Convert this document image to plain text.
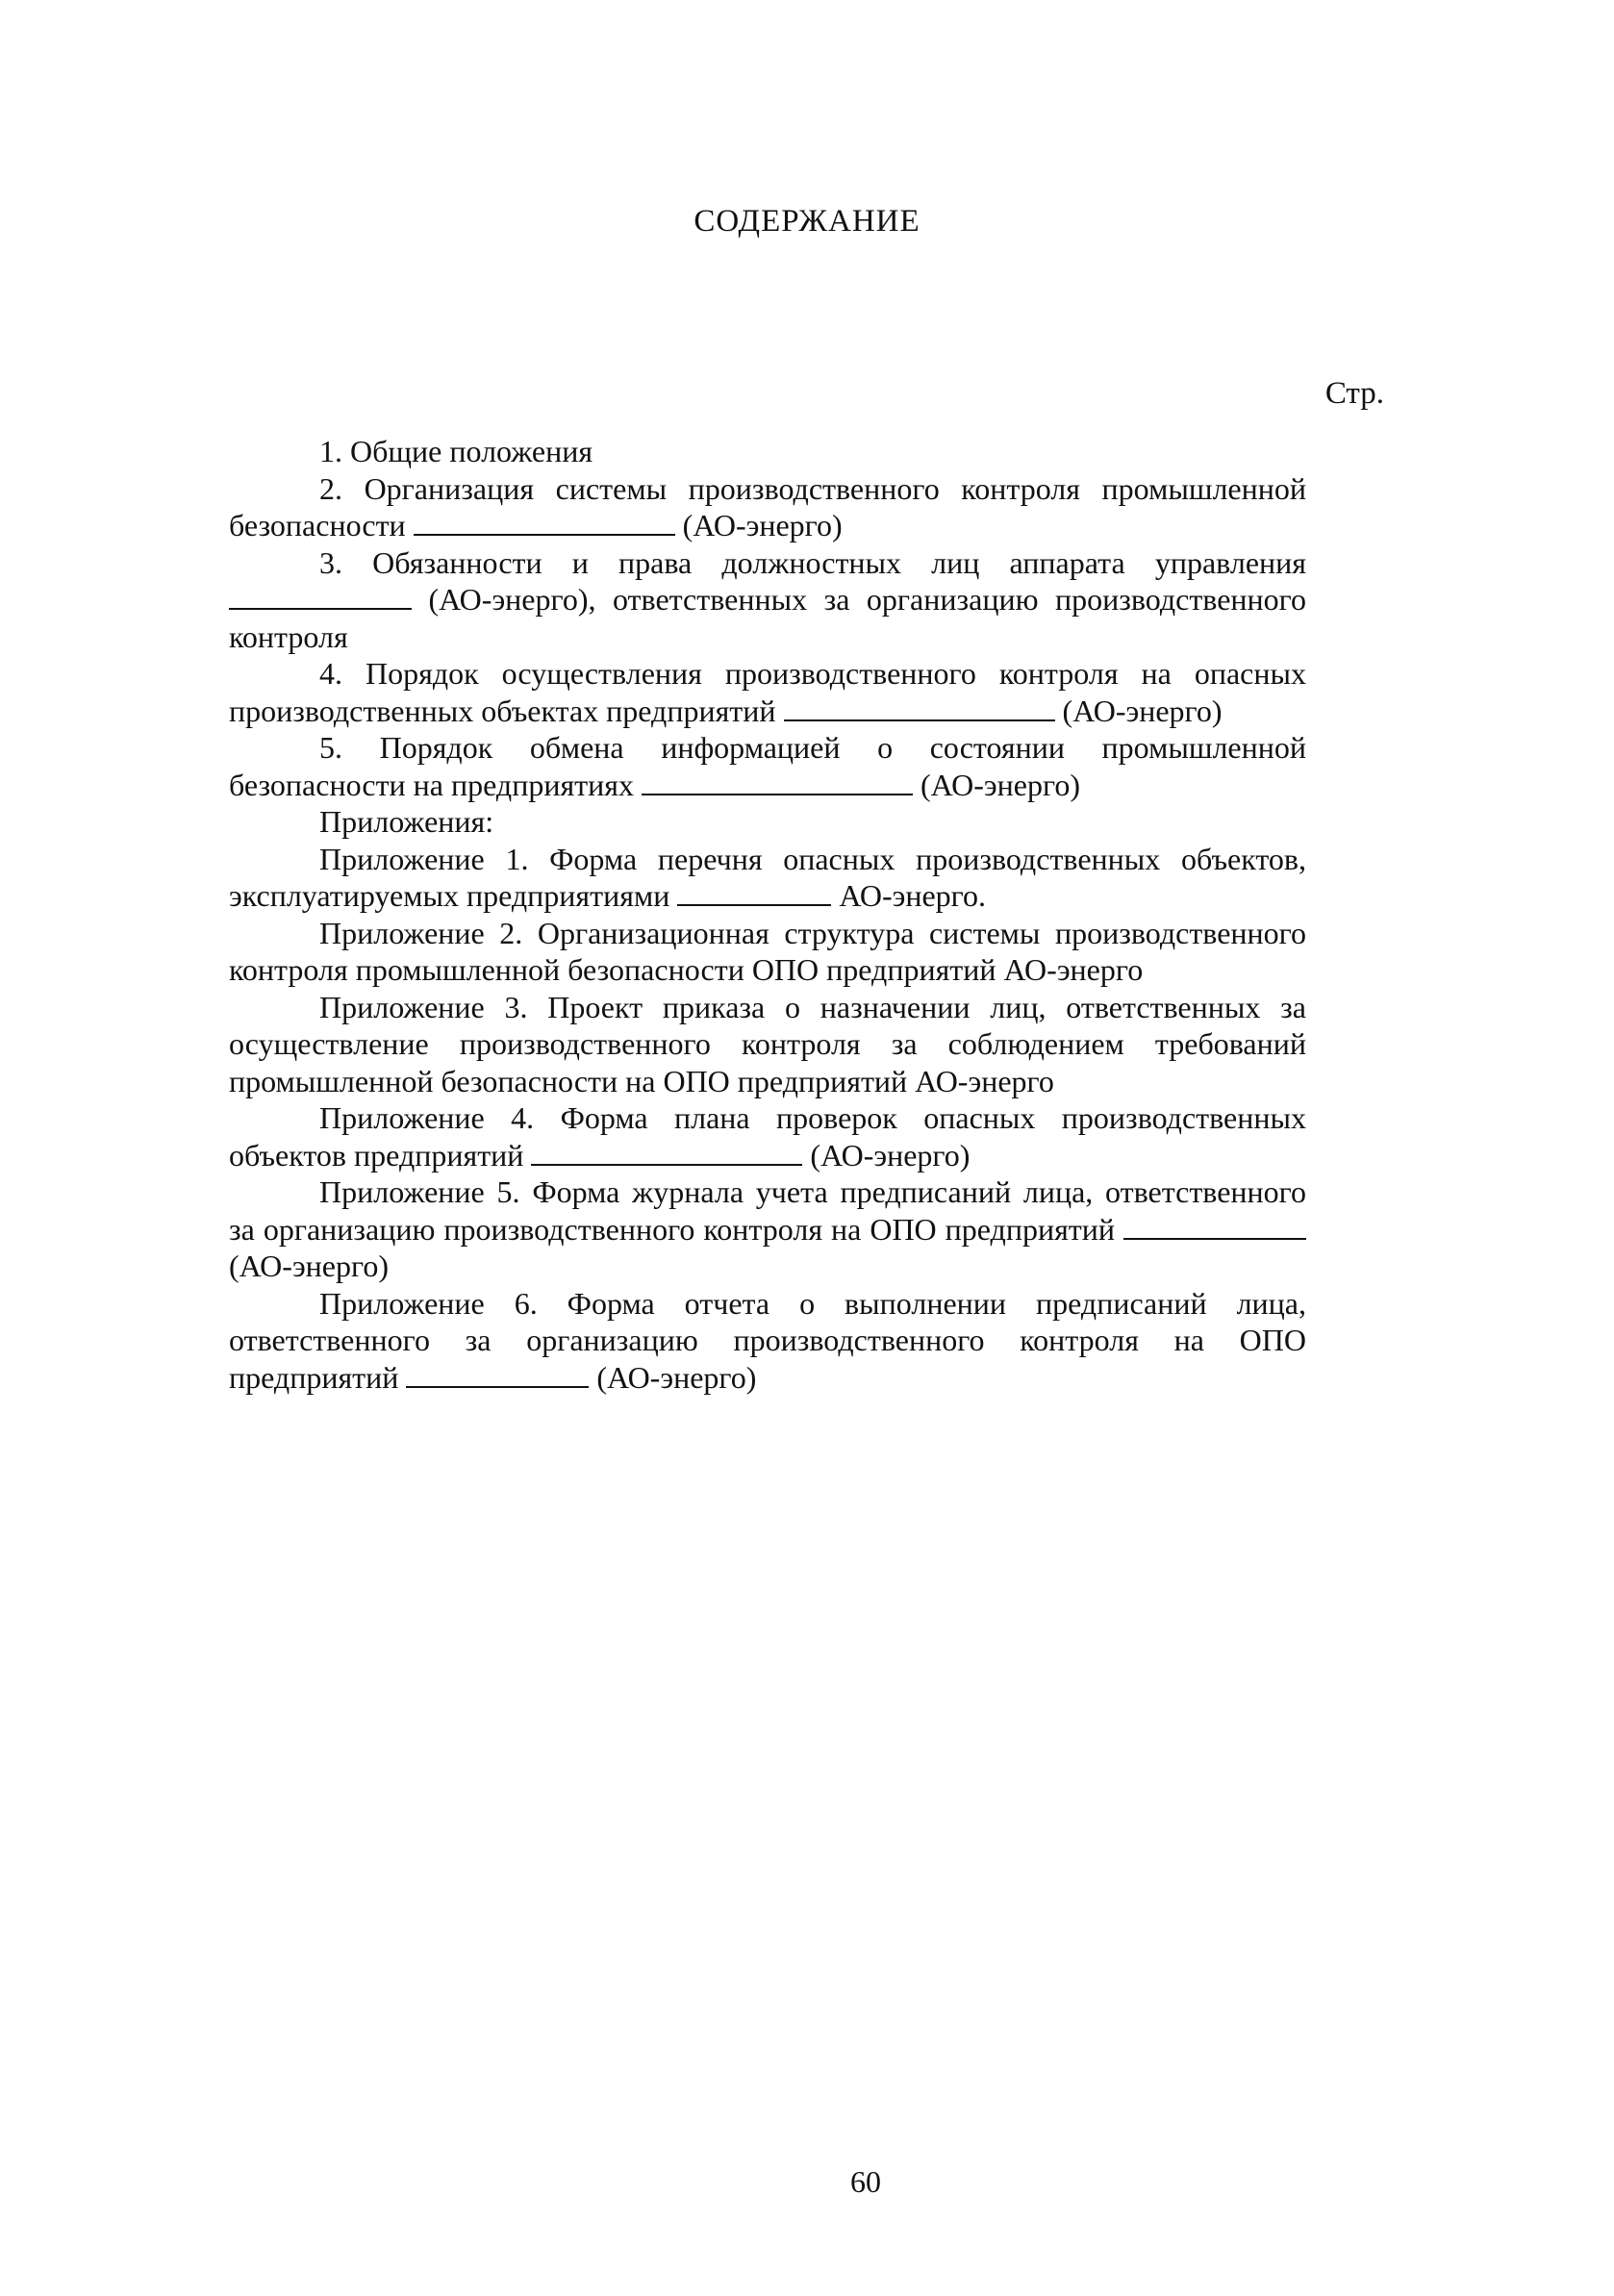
СОДЕРЖАНИЕ
Стр.

1. Общие положения

2. Организация системы производственного контроля промышленной безопасности	(АО-энерго)

3. Обязанности и права должностных лиц аппарата управления  (АО-энерго), ответственных за организацию производственного контроля

4. Порядок осуществления производственного контроля на опасных производственных объектах предприятий	(АО-энерго)

5. Порядок обмена информацией о состоянии промышленной безопасности на предприятиях	(АО-энерго)

Приложения:

Приложение 1. Форма перечня опасных производственных объектов, эксплуатируемых предприятиями	АО-энерго.

Приложение 2. Организационная структура системы производственного контроля промышленной безопасности ОПО предприятий АО-энерго

Приложение 3. Проект приказа о назначении лиц, ответственных за осуществление производственного контроля за соблюдением требований промышленной безопасности на ОПО предприятий АО-энерго

Приложение 4. Форма плана проверок опасных производственных объектов предприятий	(АО-энерго)

Приложение 5. Форма журнала учета предписаний лица, ответственного за организацию производственного контроля на ОПО предприятий  (АО-энерго)

Приложение 6. Форма отчета о выполнении предписаний лица, ответственного за организацию производственного контроля на ОПО предприятий	(АО-энерго)

60
